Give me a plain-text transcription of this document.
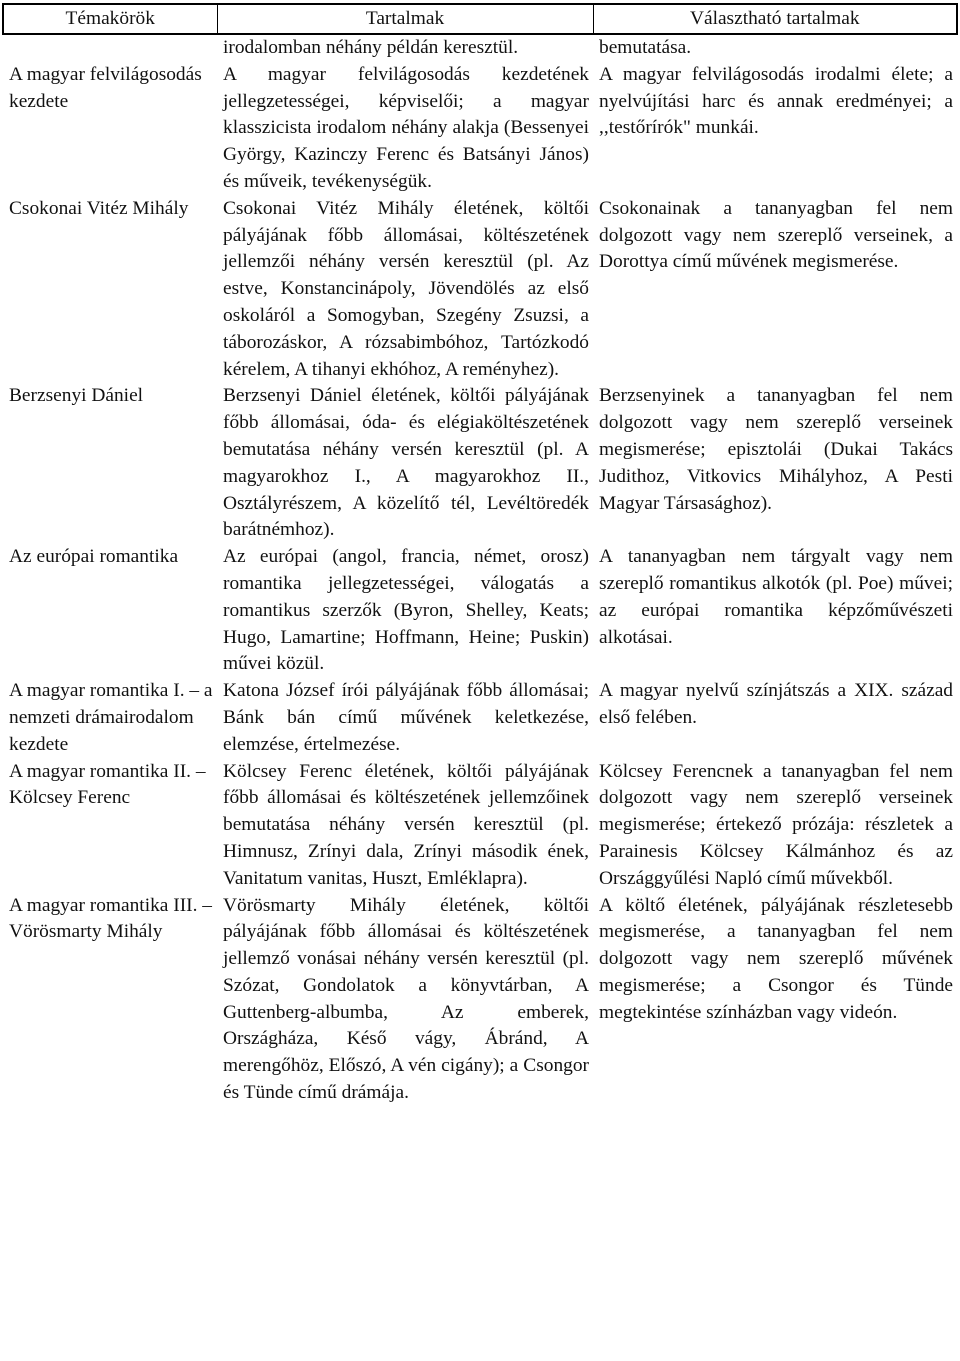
Témakörök	Tartalmak	Választható tartalmak
	irodalomban néhány példán keresztül.	bemutatása.
A magyar felvilágosodás kezdete	A magyar felvilágosodás kezdetének jellegzetességei, képviselői; a magyar klasszicista irodalom néhány alakja (Bessenyei György, Kazinczy Ferenc és Batsányi János) és műveik, tevékenységük.	A magyar felvilágosodás irodalmi élete; a nyelvújítási harc és annak eredményei; a ,,testőrírók" munkái.
Csokonai Vitéz Mihály	Csokonai Vitéz Mihály életének, költői pályájának főbb állomásai, költészetének jellemzői néhány versén keresztül (pl. Az estve, Konstancinápoly, Jövendölés az első oskoláról a Somogyban, Szegény Zsuzsi, a táborozáskor, A rózsabimbóhoz, Tartózkodó kérelem, A tihanyi ekhóhoz, A reményhez).	Csokonainak a tananyagban fel nem dolgozott vagy nem szereplő verseinek, a Dorottya című művének megismerése.
Berzsenyi Dániel	Berzsenyi Dániel életének, költői pályájának főbb állomásai, óda- és elégiaköltészetének bemutatása néhány versén keresztül (pl. A magyarokhoz I., A magyarokhoz II., Osztályrészem, A közelítő tél, Levéltöredék barátnémhoz).	Berzsenyinek a tananyagban fel nem dolgozott vagy nem szereplő verseinek megismerése; episztolái (Dukai Takács Judithoz, Vitkovics Mihályhoz, A Pesti Magyar Társasághoz).
Az európai romantika	Az európai (angol, francia, német, orosz) romantika jellegzetességei, válogatás a romantikus szerzők (Byron, Shelley, Keats; Hugo, Lamartine; Hoffmann, Heine; Puskin) művei közül.	A tananyagban nem tárgyalt vagy nem szereplő romantikus alkotók (pl. Poe) művei; az európai romantika képzőművészeti alkotásai.
A magyar romantika I. – a nemzeti drámairodalom kezdete	Katona József írói pályájának főbb állomásai; Bánk bán című művének keletkezése, elemzése, értelmezése.	A magyar nyelvű színjátszás a XIX. század első felében.
A magyar romantika II. – Kölcsey Ferenc	Kölcsey Ferenc életének, költői pályájának főbb állomásai és költészetének jellemzőinek bemutatása néhány versén keresztül (pl. Himnusz, Zrínyi dala, Zrínyi második ének, Vanitatum vanitas, Huszt, Emléklapra).	Kölcsey Ferencnek a tananyagban fel nem dolgozott vagy nem szereplő verseinek megismerése; értekező prózája: részletek a Parainesis Kölcsey Kálmánhoz és az Országgyűlési Napló című művekből.
A magyar romantika III. – Vörösmarty Mihály	Vörösmarty Mihály életének, költői pályájának főbb állomásai és költészetének jellemző vonásai néhány versén keresztül (pl. Szózat, Gondolatok a könyvtárban, A Guttenberg-albumba, Az emberek, Országháza, Késő vágy, Ábránd, A merengőhöz, Előszó, A vén cigány); a Csongor és Tünde című drámája.	A költő életének, pályájának részletesebb megismerése, a tananyagban fel nem dolgozott vagy nem szereplő művének megismerése; a Csongor és Tünde megtekintése színházban vagy videón.
